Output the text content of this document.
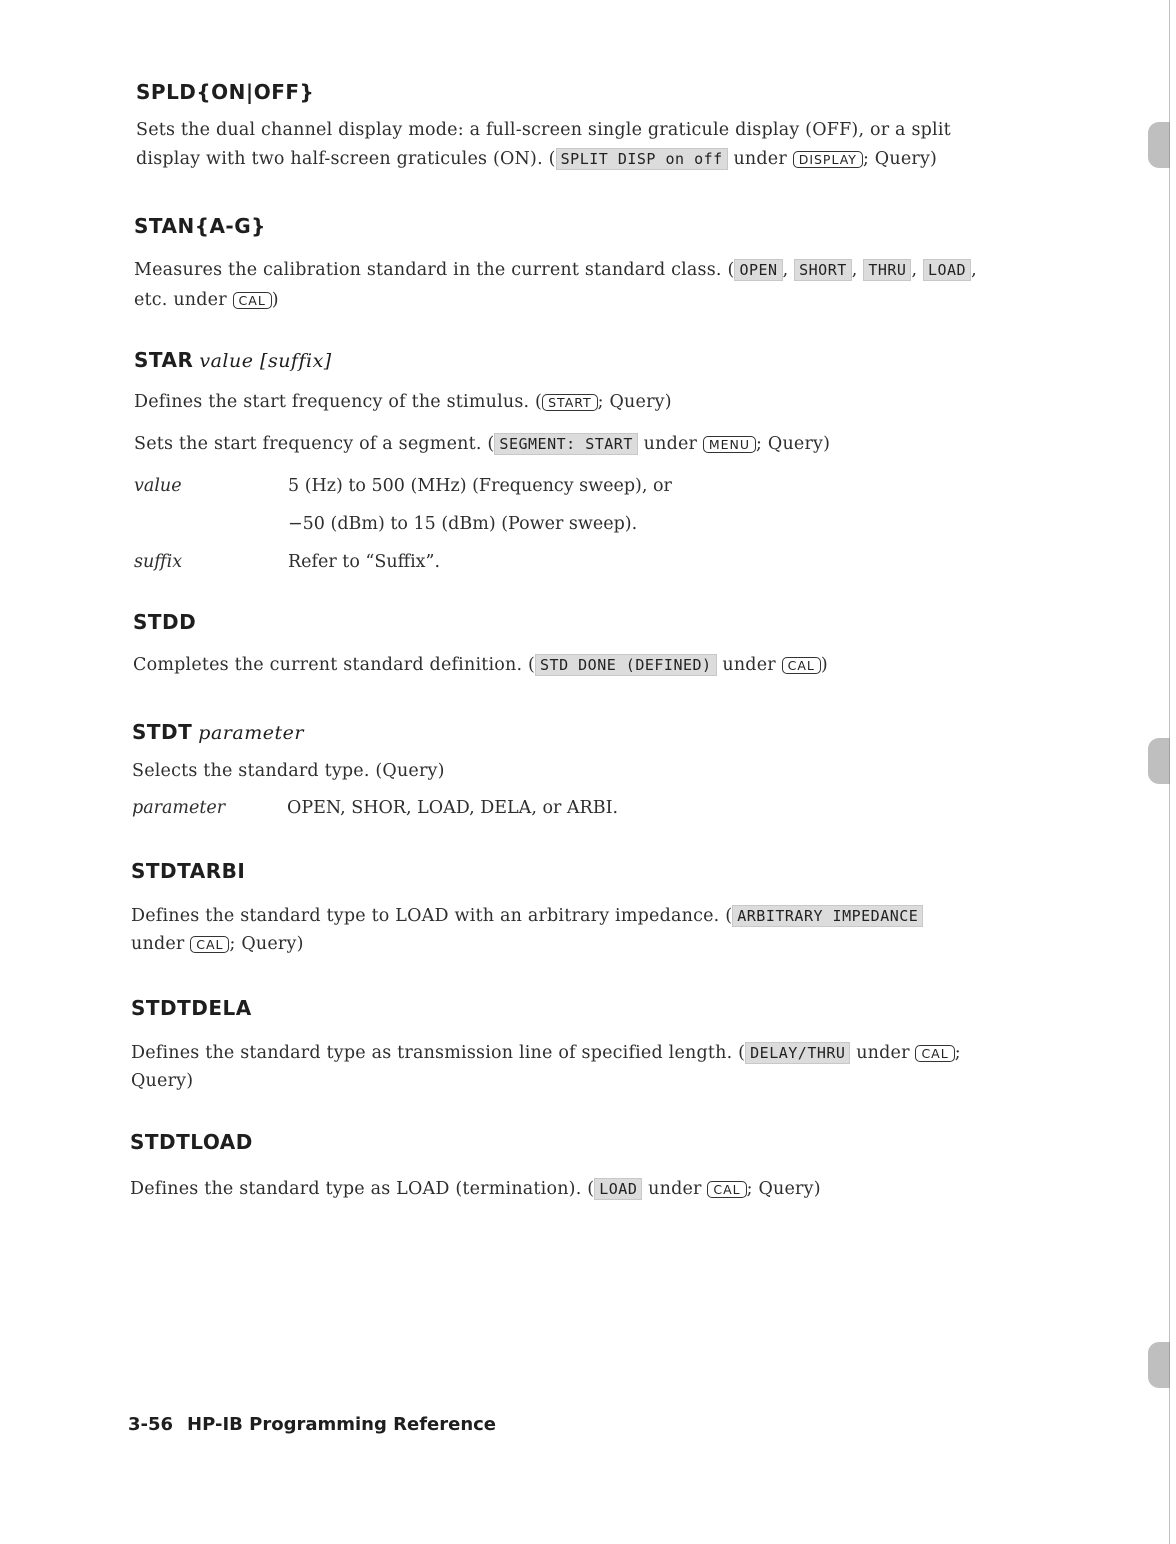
SPLD{ON|OFF}
Sets the dual channel display mode: a full-screen single graticule display (OFF), or a split
display with two half-screen graticules (ON). ( SPLIT DISP on off under DISPLAY ; Query)
STAN{A-G}
Measures the calibration standard in the current standard class. ( OPEN , SHORT , THRU , LOAD ,
etc. under CAL )
STAR value [suffix]
Defines the start frequency of the stimulus. ( START ; Query)
Sets the start frequency of a segment. ( SEGMENT: START under MENU ; Query)
value	5 (Hz) to 500 (MHz) (Frequency sweep), or
−50 (dBm) to 15 (dBm) (Power sweep).
suffix	Refer to “Suffix”.
STDD
Completes the current standard definition. ( STD DONE (DEFINED) under CAL )
STDT parameter
Selects the standard type. (Query)
parameter	OPEN, SHOR, LOAD, DELA, or ARBI.
STDTARBI
Defines the standard type to LOAD with an arbitrary impedance. ( ARBITRARY IMPEDANCE
under CAL ; Query)
STDTDELA
Defines the standard type as transmission line of specified length. ( DELAY/THRU under CAL ;
Query)
STDTLOAD
Defines the standard type as LOAD (termination). ( LOAD under CAL ; Query)
3-56 HP-IB Programming Reference
